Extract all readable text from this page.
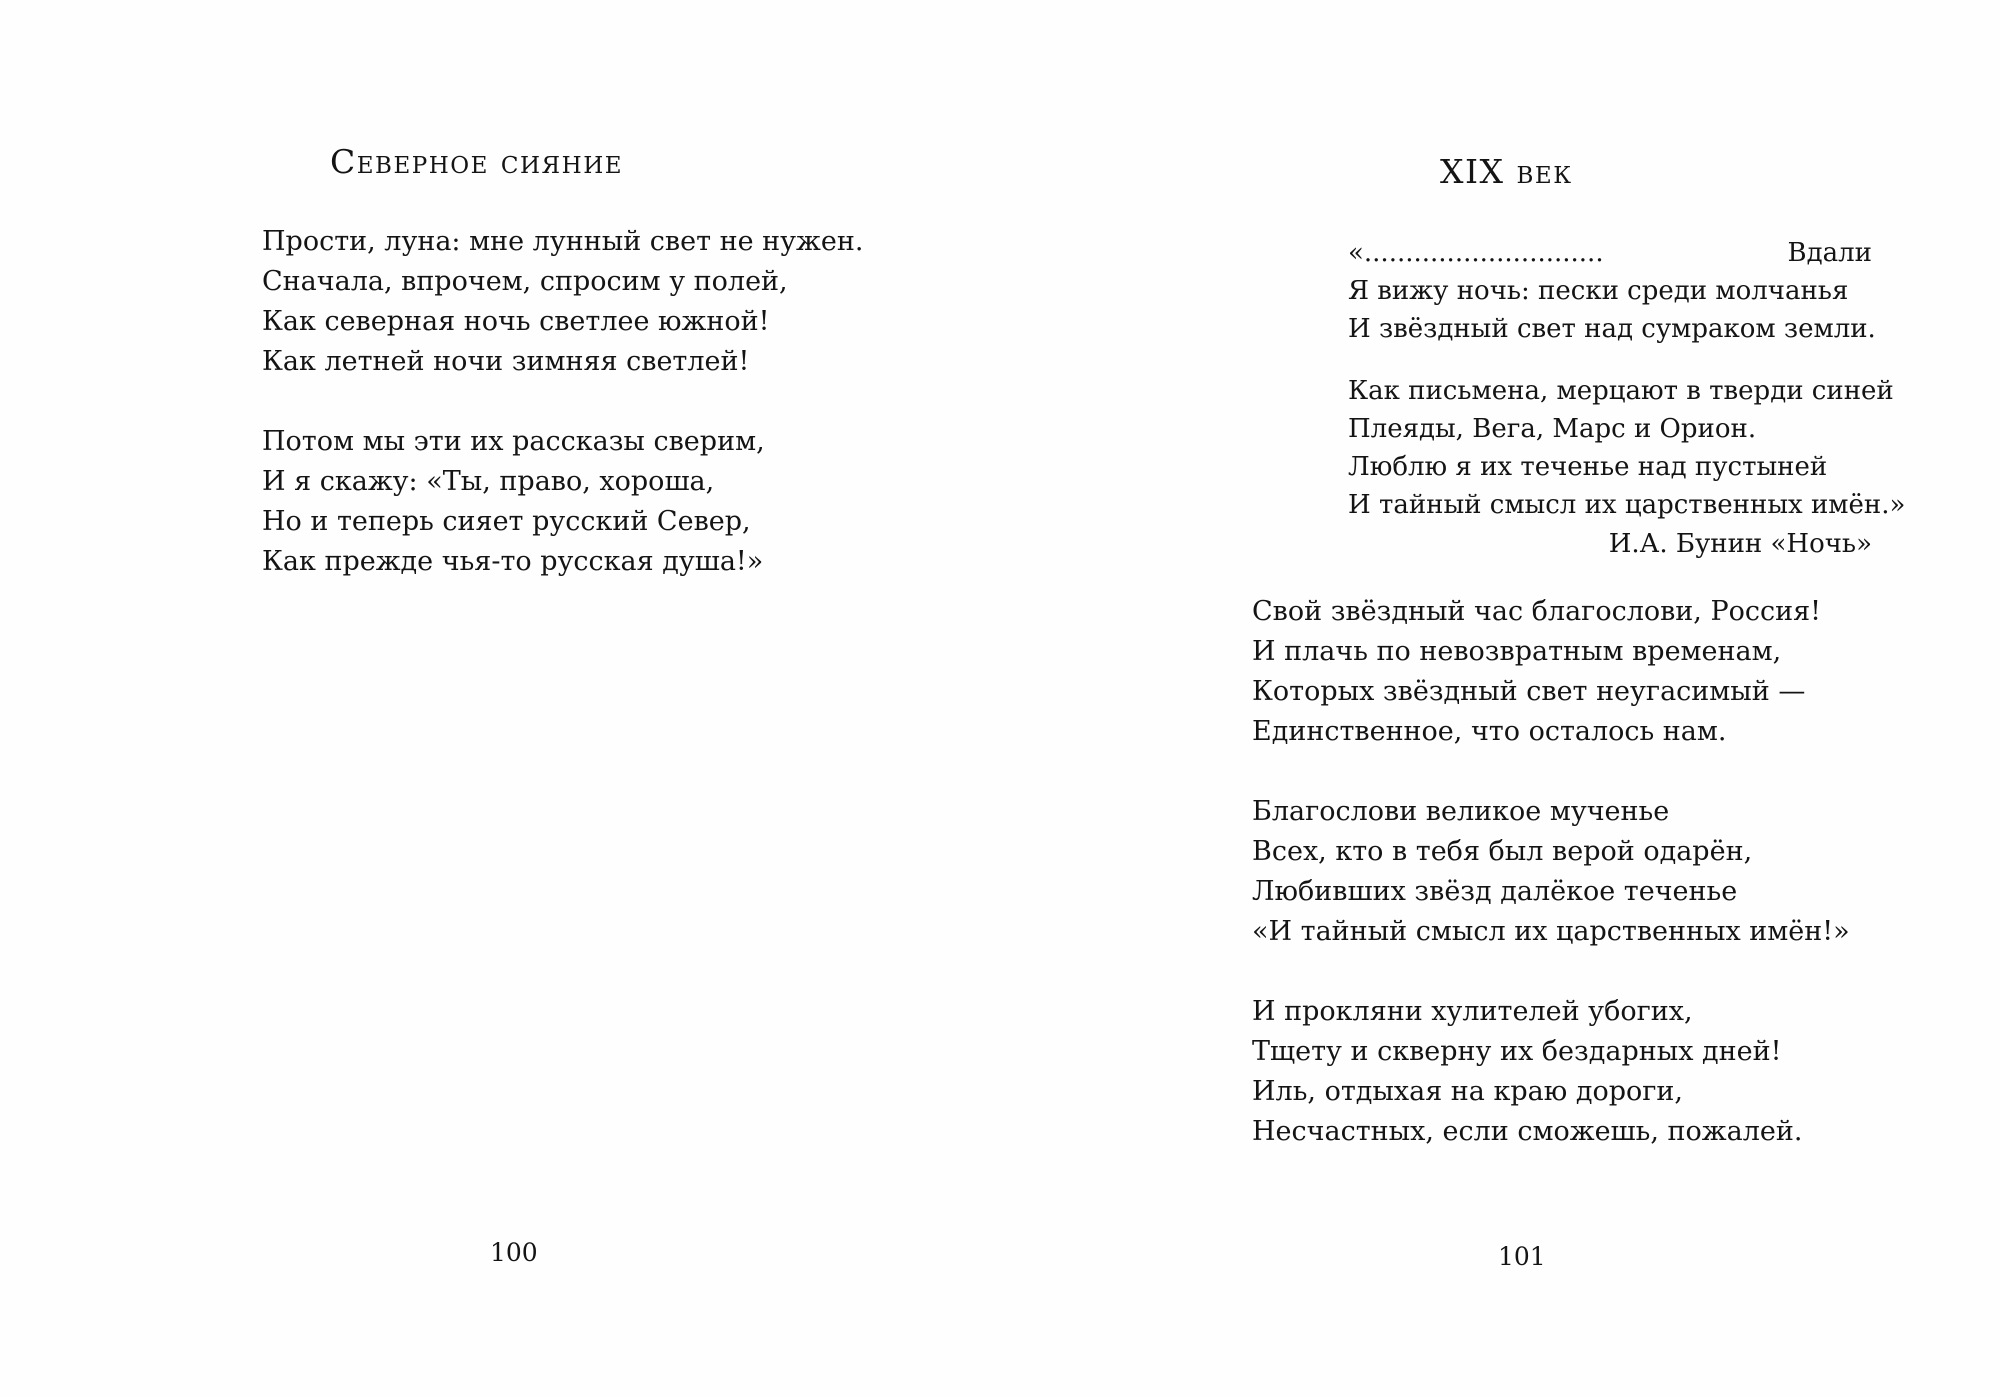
Северное сияние
Прости, луна: мне лунный свет не нужен.
Сначала, впрочем, спросим у полей,
Как северная ночь светлее южной!
Как летней ночи зимняя светлей!
Потом мы эти их рассказы сверим,
И я скажу: «Ты, право, хороша,
Но и теперь сияет русский Север,
Как прежде чья-то русская душа!»
100
XIX век
«.............................	Вдали
Я вижу ночь: пески среди молчанья
И звёздный свет над сумраком земли.
Как письмена, мерцают в тверди синей
Плеяды, Вега, Марс и Орион.
Люблю я их теченье над пустыней
И тайный смысл их царственных имён.»
И.А. Бунин «Ночь»
Свой звёздный час благослови, Россия!
И плачь по невозвратным временам,
Которых звёздный свет неугасимый —
Единственное, что осталось нам.
Благослови великое мученье
Всех, кто в тебя был верой одарён,
Любивших звёзд далёкое теченье
«И тайный смысл их царственных имён!»
И прокляни хулителей убогих,
Тщету и скверну их бездарных дней!
Иль, отдыхая на краю дороги,
Несчастных, если сможешь, пожалей.
101
